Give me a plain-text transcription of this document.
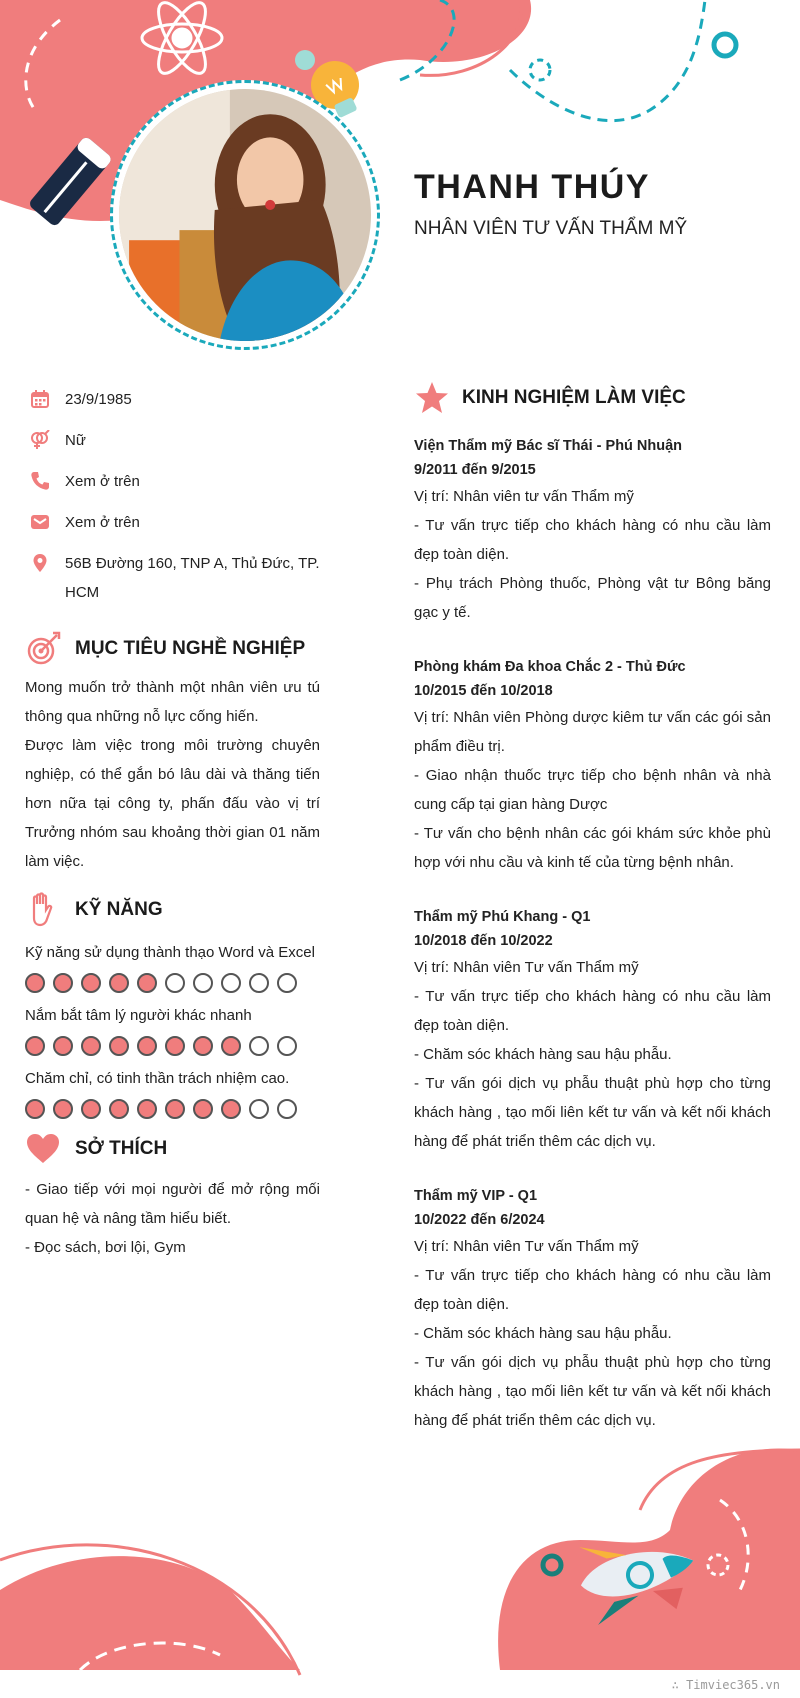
THANH THÚY

NHÂN VIÊN TƯ VẤN THẨM MỸ

23/9/1985
Nữ
Xem ở trên
Xem ở trên
56B Đường 160, TNP A, Thủ Đức, TP. HCM
MỤC TIÊU NGHỀ NGHIỆP

Mong muốn trở thành một nhân viên ưu tú thông qua những nỗ lực cống hiến.

Được làm việc trong môi trường chuyên nghiệp, có thể gắn bó lâu dài và thăng tiến hơn nữa tại công ty, phấn đấu vào vị trí Trưởng nhóm sau khoảng thời gian 01 năm làm việc.

KỸ NĂNG
Kỹ năng sử dụng thành thạo Word và Excel
Nắm bắt tâm lý người khác nhanh
Chăm chỉ, có tinh thần trách nhiệm cao.
SỞ THÍCH

- Giao tiếp với mọi người để mở rộng mối quan hệ và nâng tầm hiểu biết.

- Đọc sách, bơi lội, Gym

KINH NGHIỆM LÀM VIỆC

Viện Thẩm mỹ Bác sĩ Thái - Phú Nhuận

9/2011 đến 9/2015

Vị trí: Nhân viên tư vấn Thẩm mỹ

- Tư vấn trực tiếp cho khách hàng có nhu cầu làm đẹp toàn diện.

- Phụ trách Phòng thuốc, Phòng vật tư Bông băng gạc y tế.

Phòng khám Đa khoa Chắc 2 - Thủ Đức

10/2015 đến 10/2018

Vị trí: Nhân viên Phòng dược kiêm tư vấn các gói sản phẩm điều trị.

- Giao nhận thuốc trực tiếp cho bệnh nhân và nhà cung cấp tại gian hàng Dược

- Tư vấn cho bệnh nhân các gói khám sức khỏe phù hợp với nhu cầu và kinh tế của từng bệnh nhân.

Thẩm mỹ Phú Khang - Q1

10/2018 đến 10/2022

Vị trí: Nhân viên Tư vấn Thẩm mỹ

- Tư vấn trực tiếp cho khách hàng có nhu cầu làm đẹp toàn diện.

- Chăm sóc khách hàng sau hậu phẫu.

- Tư vấn gói dịch vụ phẫu thuật phù hợp cho từng khách hàng , tạo mối liên kết tư vấn và kết nối khách hàng để phát triển thêm các dịch vụ.

Thẩm mỹ VIP - Q1

10/2022 đến 6/2024

Vị trí: Nhân viên Tư vấn Thẩm mỹ

- Tư vấn trực tiếp cho khách hàng có nhu cầu làm đẹp toàn diện.

- Chăm sóc khách hàng sau hậu phẫu.

- Tư vấn gói dịch vụ phẫu thuật phù hợp cho từng khách hàng , tạo mối liên kết tư vấn và kết nối khách hàng để phát triển thêm các dịch vụ.

∴ Timviec365.vn
